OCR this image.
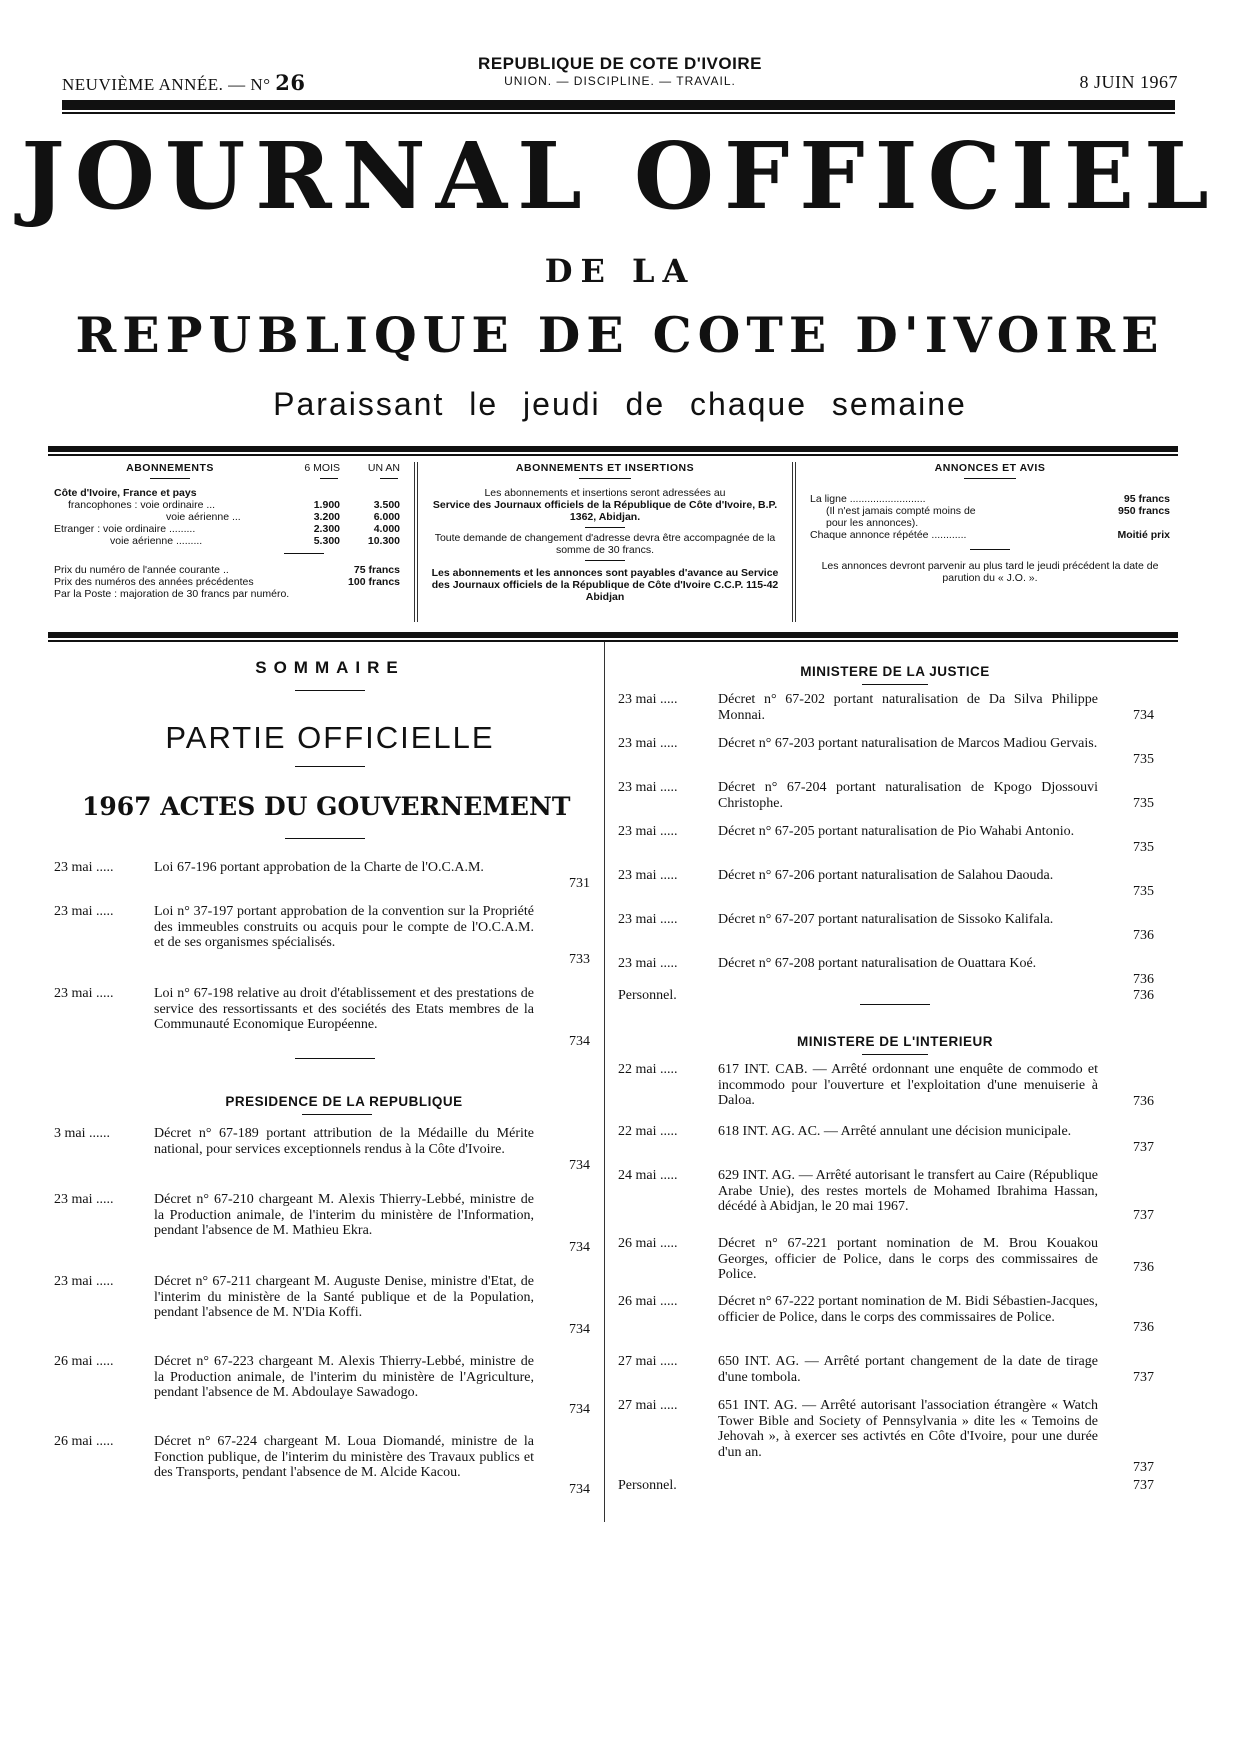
NEUVIÈME ANNÉE. — N° 26
REPUBLIQUE DE COTE D'IVOIRE
UNION. — DISCIPLINE. — TRAVAIL.	8 JUIN 1967
JOURNAL OFFICIEL
DE LA
REPUBLIQUE DE COTE D'IVOIRE
Paraissant le jeudi de chaque semaine
ABONNEMENTS	6 MOIS	UN AN
Côte d'Ivoire, France et pays
francophones : voie ordinaire ...	1.900	3.500
voie aérienne ...	3.200	6.000
Etranger : voie ordinaire .........	2.300	4.000
voie aérienne .........	5.300	10.300
Prix du numéro de l'année courante ..	75 francs
Prix des numéros des années précédentes	100 francs
Par la Poste : majoration de 30 francs par numéro.
ABONNEMENTS ET INSERTIONS
Les abonnements et insertions seront adressées au
Service des Journaux officiels de la République de Côte d'Ivoire, B.P. 1362, Abidjan.
Toute demande de changement d'adresse devra être accompagnée de la somme de 30 francs.
Les abonnements et les annonces sont payables d'avance au Service des Journaux officiels de la République de Côte d'Ivoire C.C.P. 115-42 Abidjan
ANNONCES ET AVIS
La ligne ..........................	95 francs
(Il n'est jamais compté moins de	950 francs
pour les annonces).
Chaque annonce répétée ............	Moitié prix
Les annonces devront parvenir au plus tard le jeudi précédent la date de parution du « J.O. ».
SOMMAIRE
PARTIE OFFICIELLE
1967 ACTES DU GOUVERNEMENT
23 mai .....	Loi 67-196 portant approbation de la Charte de l'O.C.A.M.
731
23 mai .....	Loi n° 37-197 portant approbation de la convention sur la Propriété des immeubles construits ou acquis pour le compte de l'O.C.A.M. et de ses organismes spécialisés.
733
23 mai .....	Loi n° 67-198 relative au droit d'établissement et des prestations de service des ressortissants et des sociétés des Etats membres de la Communauté Economique Européenne.
734
PRESIDENCE DE LA REPUBLIQUE
3 mai ......	Décret n° 67-189 portant attribution de la Médaille du Mérite national, pour services exceptionnels rendus à la Côte d'Ivoire.
734
23 mai .....	Décret n° 67-210 chargeant M. Alexis Thierry-Lebbé, ministre de la Production animale, de l'interim du ministère de l'Information, pendant l'absence de M. Mathieu Ekra.
734
23 mai .....	Décret n° 67-211 chargeant M. Auguste Denise, ministre d'Etat, de l'interim du ministère de la Santé publique et de la Population, pendant l'absence de M. N'Dia Koffi.
734
26 mai .....	Décret n° 67-223 chargeant M. Alexis Thierry-Lebbé, ministre de la Production animale, de l'interim du ministère de l'Agriculture, pendant l'absence de M. Abdoulaye Sawadogo.
734
26 mai .....	Décret n° 67-224 chargeant M. Loua Diomandé, ministre de la Fonction publique, de l'interim du ministère des Travaux publics et des Transports, pendant l'absence de M. Alcide Kacou.
734
MINISTERE DE LA JUSTICE
23 mai .....	Décret n° 67-202 portant naturalisation de Da Silva Philippe Monnai.	734
23 mai .....	Décret n° 67-203 portant naturalisation de Marcos Madiou Gervais.
735
23 mai .....	Décret n° 67-204 portant naturalisation de Kpogo Djossouvi Christophe.	735
23 mai .....	Décret n° 67-205 portant naturalisation de Pio Wahabi Antonio.
735
23 mai .....	Décret n° 67-206 portant naturalisation de Salahou Daouda.
735
23 mai .....	Décret n° 67-207 portant naturalisation de Sissoko Kalifala.
736
23 mai .....	Décret n° 67-208 portant naturalisation de Ouattara Koé.
736
Personnel.	736
MINISTERE DE L'INTERIEUR
22 mai .....	617 INT. CAB. — Arrêté ordonnant une enquête de commodo et incommodo pour l'ouverture et l'exploitation d'une menuiserie à Daloa.	736
22 mai .....	618 INT. AG. AC. — Arrêté annulant une décision municipale.
737
24 mai .....	629 INT. AG. — Arrêté autorisant le transfert au Caire (République Arabe Unie), des restes mortels de Mohamed Ibrahima Hassan, décédé à Abidjan, le 20 mai 1967.
737
26 mai .....	Décret n° 67-221 portant nomination de M. Brou Kouakou Georges, officier de Police, dans le corps des commissaires de Police.	736
26 mai .....	Décret n° 67-222 portant nomination de M. Bidi Sébastien-Jacques, officier de Police, dans le corps des commissaires de Police.
736
27 mai .....	650 INT. AG. — Arrêté portant changement de la date de tirage d'une tombola.	737
27 mai .....	651 INT. AG. — Arrêté autorisant l'association étrangère « Watch Tower Bible and Society of Pennsylvania » dite les « Temoins de Jehovah », à exercer ses activtés en Côte d'Ivoire, pour une durée d'un an.
737
Personnel.	737
